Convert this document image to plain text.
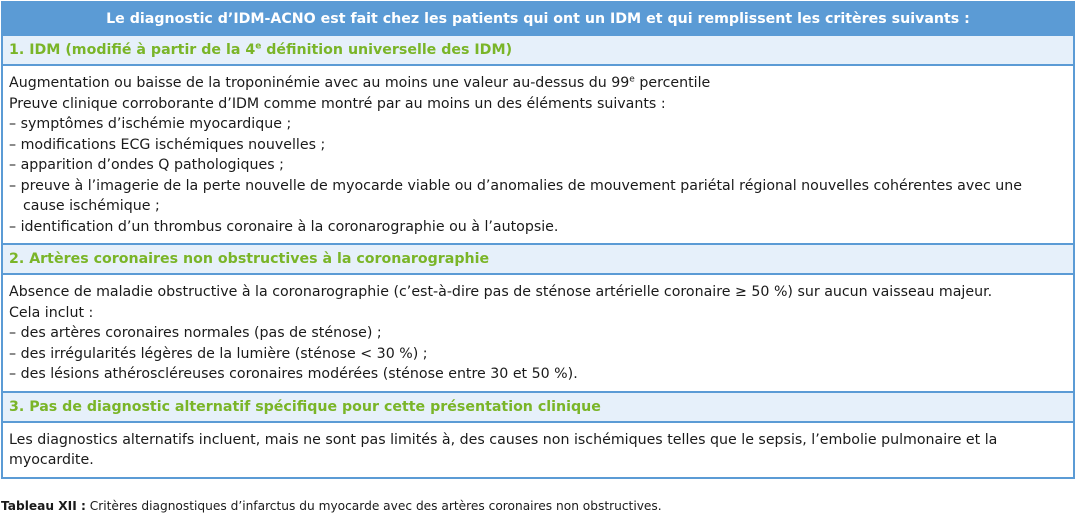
Le diagnostic d’IDM-ACNO est fait chez les patients qui ont un IDM et qui remplissent les critères suivants :
1. IDM (modifié à partir de la 4e définition universelle des IDM)
Augmentation ou baisse de la troponinémie avec au moins une valeur au-dessus du 99e percentile
Preuve clinique corroborante d’IDM comme montré par au moins un des éléments suivants :
– symptômes d’ischémie myocardique ;
– modifications ECG ischémiques nouvelles ;
– apparition d’ondes Q pathologiques ;
– preuve à l’imagerie de la perte nouvelle de myocarde viable ou d’anomalies de mouvement pariétal régional nouvelles cohérentes avec une
cause ischémique ;
– identification d’un thrombus coronaire à la coronarographie ou à l’autopsie.
2. Artères coronaires non obstructives à la coronarographie
Absence de maladie obstructive à la coronarographie (c’est-à-dire pas de sténose artérielle coronaire ≥ 50 %) sur aucun vaisseau majeur.
Cela inclut :
– des artères coronaires normales (pas de sténose) ;
– des irrégularités légères de la lumière (sténose < 30 %) ;
– des lésions athéroscléreuses coronaires modérées (sténose entre 30 et 50 %).
3. Pas de diagnostic alternatif spécifique pour cette présentation clinique
Les diagnostics alternatifs incluent, mais ne sont pas limités à, des causes non ischémiques telles que le sepsis, l’embolie pulmonaire et la
myocardite.
Tableau XII : Critères diagnostiques d’infarctus du myocarde avec des artères coronaires non obstructives.
